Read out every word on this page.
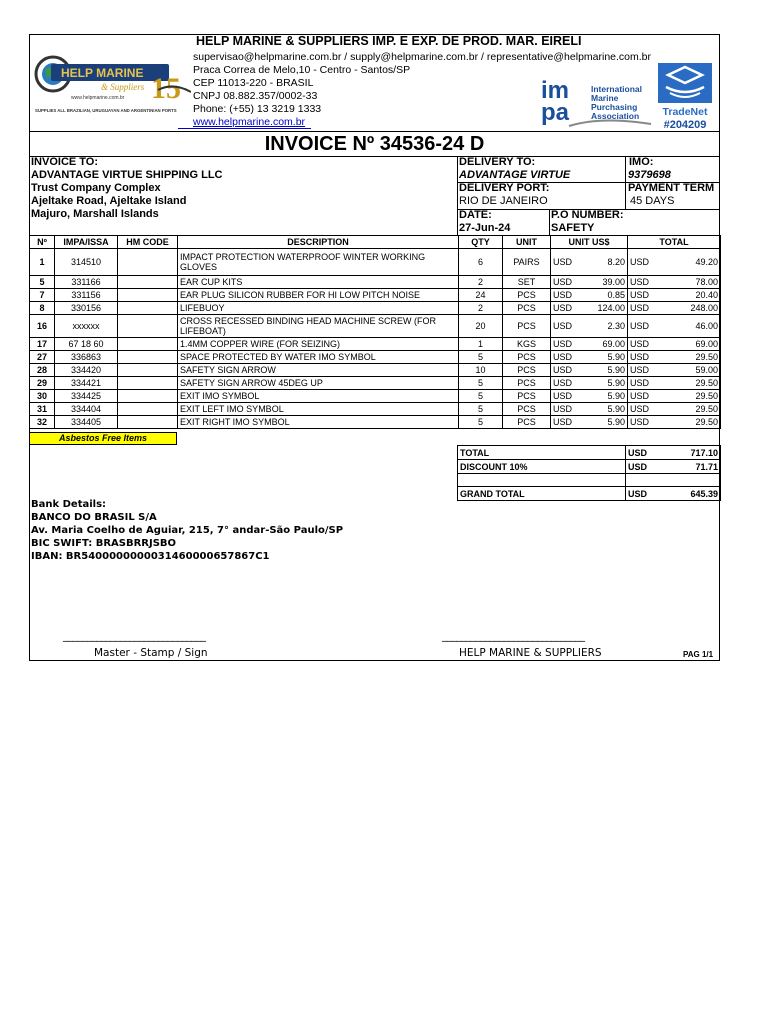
HELP MARINE & SUPPLIERS IMP. E EXP. DE PROD. MAR. EIRELI
HELP MARINE
& Suppliers
www.helpmarine.com.br
SUPPLIES ALL BRAZILIAN, URUGUAYAN AND ARGENTINIAN PORTS
15
supervisao@helpmarine.com.br / supply@helpmarine.com.br / representative@helpmarine.com.br
Praca Correa de Melo,10 - Centro - Santos/SP
CEP 11013-220 - BRASIL
CNPJ 08.882.357/0002-33
Phone: (+55) 13 3219 1333
www.helpmarine.com.br
im
pa
International
Marine
Purchasing
Association TradeNet
#204209
INVOICE Nº 34536-24 D
INVOICE TO:
ADVANTAGE VIRTUE SHIPPING LLC
Trust Company Complex
Ajeltake Road, Ajeltake Island
Majuro, Marshall Islands
DELIVERY TO:
ADVANTAGE VIRTUE
IMO:
9379698
DELIVERY PORT:
RIO DE JANEIRO
PAYMENT TERM
45 DAYS
DATE:
27-Jun-24
P.O NUMBER:
SAFETY
Nº	IMPA/ISSA	HM CODE	DESCRIPTION	QTY	UNIT	UNIT US$	TOTAL
1	314510		IMPACT PROTECTION WATERPROOF WINTER WORKING GLOVES	6	PAIRS	USD 8.20	USD 49.20

5	331166		EAR CUP KITS	2	SET	USD 39.00	USD 78.00

7	331156		EAR PLUG SILICON RUBBER FOR HI LOW PITCH NOISE	24	PCS	USD 0.85	USD 20.40

8	330156		LIFEBUOY	2	PCS	USD 124.00	USD 248.00

16	xxxxxx		CROSS RECESSED BINDING HEAD MACHINE SCREW (FOR LIFEBOAT)	20	PCS	USD 2.30	USD 46.00

17	67 18 60		1.4MM COPPER WIRE (FOR SEIZING)	1	KGS	USD 69.00	USD 69.00

27	336863		SPACE PROTECTED BY WATER IMO SYMBOL	5	PCS	USD 5.90	USD 29.50

28	334420		SAFETY SIGN ARROW	10	PCS	USD 5.90	USD 59.00

29	334421		SAFETY SIGN ARROW 45DEG UP	5	PCS	USD 5.90	USD 29.50

30	334425		EXIT IMO SYMBOL	5	PCS	USD 5.90	USD 29.50

31	334404		EXIT LEFT IMO SYMBOL	5	PCS	USD 5.90	USD 29.50

32	334405		EXIT RIGHT IMO SYMBOL	5	PCS	USD 5.90	USD 29.50
Asbestos Free Items
TOTAL	USD	717.10
DISCOUNT 10%	USD	71.71

GRAND TOTAL	USD	645.39
Bank Details:
BANCO DO BRASIL S/A
Av. Maria Coelho de Aguiar, 215, 7° andar-São Paulo/SP
BIC SWIFT: BRASBRRJSBO
IBAN: BR5400000000031460000657867C1
______________________________
Master - Stamp / Sign
______________________________
HELP MARINE & SUPPLIERS	PAG 1/1
